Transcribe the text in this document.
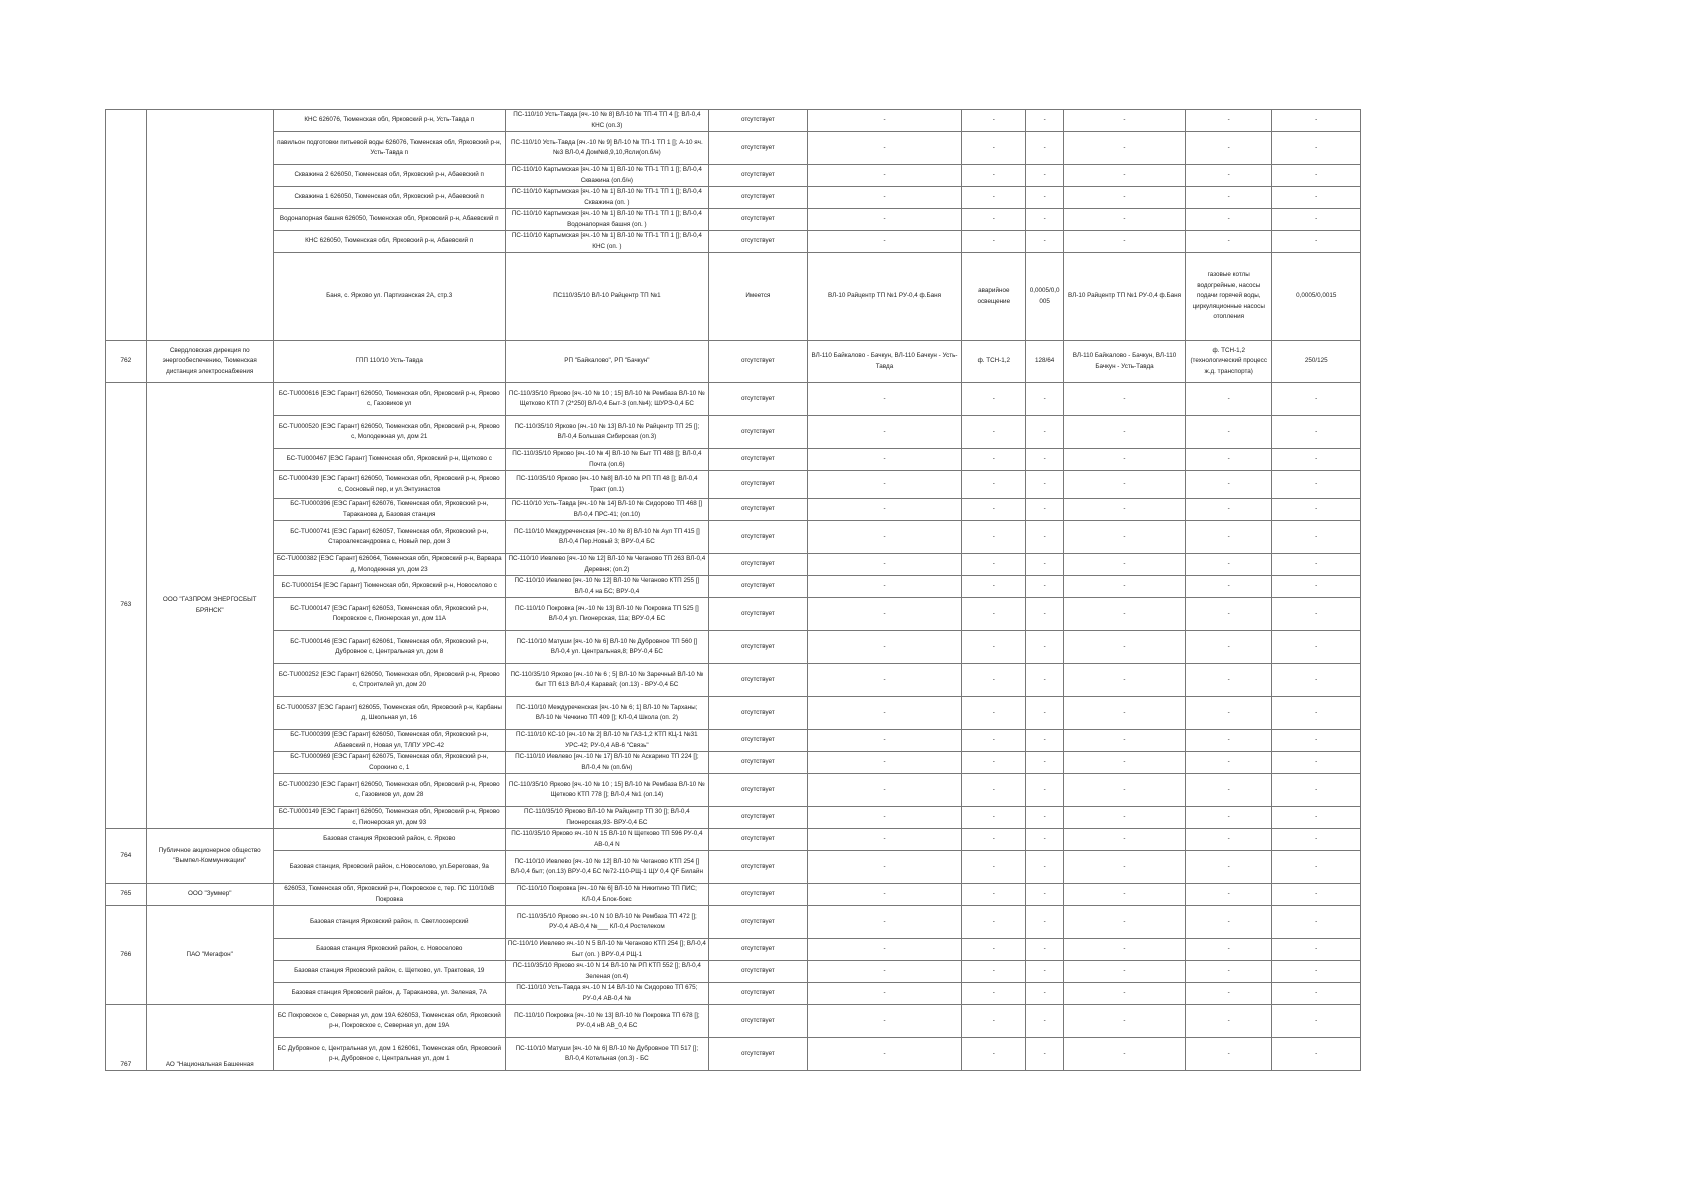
		КНС 626076, Тюменская обл, Ярковский р-н, Усть-Тавда п	ПС-110/10 Усть-Тавда [яч.-10 № 8] ВЛ-10 № ТП-4 ТП 4 []; ВЛ-0,4 КНС (оп.3)	отсутствует	-	-	-	-	-	-
		павильон подготовки питьевой воды 626076, Тюменская обл, Ярковский р-н, Усть-Тавда п	ПС-110/10 Усть-Тавда [яч.-10 № 9] ВЛ-10 № ТП-1 ТП 1 []; А-10 яч.№3 ВЛ-0,4 Дом№8,9,10,Ясли(оп.б/н)	отсутствует	-	-	-	-	-	-
		Скважина 2 626050, Тюменская обл, Ярковский р-н, Абаевский п	ПС-110/10 Картымская [яч.-10 № 1] ВЛ-10 № ТП-1 ТП 1 []; ВЛ-0,4 Скважина (оп.б/н)	отсутствует	-	-	-	-	-	-
		Скважина 1 626050, Тюменская обл, Ярковский р-н, Абаевский п	ПС-110/10 Картымская [яч.-10 № 1] ВЛ-10 № ТП-1 ТП 1 []; ВЛ-0,4 Скважина (оп. )	отсутствует	-	-	-	-	-	-
		Водонапорная башня 626050, Тюменская обл, Ярковский р-н, Абаевский п	ПС-110/10 Картымская [яч.-10 № 1] ВЛ-10 № ТП-1 ТП 1 []; ВЛ-0,4 Водонапорная башня (оп. )	отсутствует	-	-	-	-	-	-
		КНС 626050, Тюменская обл, Ярковский р-н, Абаевский п	ПС-110/10 Картымская [яч.-10 № 1] ВЛ-10 № ТП-1 ТП 1 []; ВЛ-0,4 КНС (оп. )	отсутствует	-	-	-	-	-	-
		Баня, с. Ярково ул. Партизанская 2А, стр.3	ПС110/35/10 ВЛ-10 Райцентр ТП №1	Имеется	ВЛ-10 Райцентр ТП №1 РУ-0,4 ф.Баня	аварийное освещение	0,0005/0,0005	ВЛ-10 Райцентр ТП №1 РУ-0,4 ф.Баня	газовые котлы водогрейные, насосы подачи горячей воды, циркуляционные насосы отопления	0,0005/0,0015
762	Свердловская дирекция по энергообеспечению, Тюменская дистанция электроснабжения	ГПП 110/10 Усть-Тавда	РП "Байкалово", РП "Бачкун"	отсутствует	ВЛ-110 Байкалово - Бачкун, ВЛ-110 Бачкун - Усть-Тавда	ф. ТСН-1,2	128/64	ВЛ-110 Байкалово - Бачкун, ВЛ-110 Бачкун - Усть-Тавда	ф. ТСН-1,2 (технологический процесс ж.д. транспорта)	250/125
763	ООО "ГАЗПРОМ ЭНЕРГОСБЫТ БРЯНСК"	БС-TU000616 [ЕЭС Гарант] 626050, Тюменская обл, Ярковский р-н, Ярково с, Газовиков ул	ПС-110/35/10 Ярково [яч.-10 № 10 ; 15] ВЛ-10 № Рембаза ВЛ-10 № Щетково КТП 7 (2*250] ВЛ-0,4 Быт-3 (оп.№4); ШУРЭ-0,4 БС	отсутствует	-	-	-	-	-	-
		БС-TU000520 [ЕЭС Гарант] 626050, Тюменская обл, Ярковский р-н, Ярково с, Молодежная ул, дом 21	ПС-110/35/10 Ярково [яч.-10 № 13] ВЛ-10 № Райцентр ТП 25 []; ВЛ-0,4 Большая Сибирская (оп.3)	отсутствует	-	-	-	-	-	-
		БС-TU000467 [ЕЭС Гарант] Тюменская обл, Ярковский р-н, Щетково с	ПС-110/35/10 Ярково [яч.-10 № 4] ВЛ-10 № Быт ТП 488 []; ВЛ-0,4 Почта (оп.6)	отсутствует	-	-	-	-	-	-
		БС-TU000439 [ЕЭС Гарант] 626050, Тюменская обл, Ярковский р-н, Ярково с, Сосновый пер, и ул.Энтузиастов	ПС-110/35/10 Ярково [яч.-10 №8] ВЛ-10 № РП ТП 48 []; ВЛ-0,4 Тракт (оп.1)	отсутствует	-	-	-	-	-	-
		БС-TU000396 [ЕЭС Гарант] 626076, Тюменская обл, Ярковский р-н, Тараканова д, Базовая станция	ПС-110/10 Усть-Тавда [яч.-10 № 14] ВЛ-10 № Сидорово ТП 468 [] ВЛ-0,4 ПРС-41; (оп.10)	отсутствует	-	-	-	-	-	-
		БС-TU000741 [ЕЭС Гарант] 626057, Тюменская обл, Ярковский р-н, Староалександровка с, Новый пер, дом 3	ПС-110/10 Междуреченская [яч.-10 № 8] ВЛ-10 № Аул ТП 415 [] ВЛ-0,4 Пер.Новый 3; ВРУ-0,4 БС	отсутствует	-	-	-	-	-	-
		БС-TU000382 [ЕЭС Гарант] 626064, Тюменская обл, Ярковский р-н, Варвара д, Молодежная ул, дом 23	ПС-110/10 Иевлево [яч.-10 № 12] ВЛ-10 № Чеганово ТП 263 ВЛ-0,4 Деревня; (оп.2)	отсутствует	-	-	-	-	-	-
		БС-TU000154 [ЕЭС Гарант] Тюменская обл, Ярковский р-н, Новоселово с	ПС-110/10 Иевлево [яч.-10 № 12] ВЛ-10 № Чеганово КТП 255 [] ВЛ-0,4 на БС; ВРУ-0,4	отсутствует	-	-	-	-	-	-
		БС-TU000147 [ЕЭС Гарант] 626053, Тюменская обл, Ярковский р-н, Покровское с, Пионерская ул, дом 11А	ПС-110/10 Покровка [яч.-10 № 13] ВЛ-10 № Покровка ТП 525 [] ВЛ-0,4 ул. Пионерская, 11а; ВРУ-0,4 БС	отсутствует	-	-	-	-	-	-
		БС-TU000146 [ЕЭС Гарант] 626061, Тюменская обл, Ярковский р-н, Дубровное с, Центральная ул, дом 8	ПС-110/10 Матуши [яч.-10 № 6] ВЛ-10 № Дубровное ТП 560 [] ВЛ-0,4 ул. Центральная,8; ВРУ-0,4 БС	отсутствует	-	-	-	-	-	-
		БС-TU000252 [ЕЭС Гарант] 626050, Тюменская обл, Ярковский р-н, Ярково с, Строителей ул, дом 20	ПС-110/35/10 Ярково [яч.-10 № 6 ; 5] ВЛ-10 № Заречный ВЛ-10 № быт ТП 613 ВЛ-0,4 Каравай; (оп.13) - ВРУ-0,4 БС	отсутствует	-	-	-	-	-	-
		БС-TU000537 [ЕЭС Гарант] 626055, Тюменская обл, Ярковский р-н, Карбаны д, Школьная ул, 16	ПС-110/10 Междуреченская [яч.-10 № 6; 1] ВЛ-10 № Тарханы; ВЛ-10 № Чечкино ТП 409 []; КЛ-0,4 Школа (оп. 2)	отсутствует	-	-	-	-	-	-
		БС-TU000399 [ЕЭС Гарант] 626050, Тюменская обл, Ярковский р-н, Абаевский п, Новая ул, ТЛПУ УРС-42	ПС-110/10 КС-10 [яч.-10 № 2] ВЛ-10 № ГАЗ-1,2 КТП КЦ-1 №31 УРС-42; РУ-0,4 АВ-6 "Связь"	отсутствует	-	-	-	-	-	-
		БС-TU000969 [ЕЭС Гарант] 626075, Тюменская обл, Ярковский р-н, Сорокино с, 1	ПС-110/10 Иевлево [яч.-10 № 17] ВЛ-10 № Аскарино ТП 224 []; ВЛ-0,4 № (оп.б/н)	отсутствует	-	-	-	-	-	-
		БС-TU000230 [ЕЭС Гарант] 626050, Тюменская обл, Ярковский р-н, Ярково с, Газовиков ул, дом 28	ПС-110/35/10 Ярково [яч.-10 № 10 ; 15] ВЛ-10 № Рембаза ВЛ-10 № Щетково КТП 778 []; ВЛ-0,4 №1 (оп.14)	отсутствует	-	-	-	-	-	-
		БС-TU000149 [ЕЭС Гарант] 626050, Тюменская обл, Ярковский р-н, Ярково с, Пионерская ул, дом 93	ПС-110/35/10 Ярково ВЛ-10 № Райцентр ТП 30 []; ВЛ-0,4 Пионерская,93- ВРУ-0,4 БС	отсутствует	-	-	-	-	-	-
764	Публичное акционерное общество "Вымпел-Коммуникации"	Базовая станция Ярковский район, с. Ярково	ПС-110/35/10 Ярково яч.-10 N 15 ВЛ-10 N Щетково ТП 596 РУ-0,4 АВ-0,4 N	отсутствует	-	-	-	-	-	-
		Базовая станция, Ярковский район, с.Новоселово, ул.Береговая, 9а	ПС-110/10 Иевлево [яч.-10 № 12] ВЛ-10 № Чеганово КТП 254 [] ВЛ-0,4 быт; (оп.13) ВРУ-0,4 БС №72-110-РЩ-1 ЩУ 0,4 QF Билайн	отсутствует	-	-	-	-	-	-
765	ООО "Зуммер"	626053, Тюменская обл, Ярковский р-н, Покровское с, тер. ПС 110/10кВ Покровка	ПС-110/10 Покровка [яч.-10 № 6] ВЛ-10 № Никитино ТП ПИС; КЛ-0,4 Блок-бокс	отсутствует	-	-	-	-	-	-
766	ПАО "Мегафон"	Базовая станция Ярковский район, п. Светлоозерский	ПС-110/35/10 Ярково яч.-10 N 10 ВЛ-10 № Рембаза ТП 472 []; РУ-0,4 АВ-0,4 №___ КЛ-0,4 Ростелеком	отсутствует	-	-	-	-	-	-
		Базовая станция Ярковский район, с. Новоселово	ПС-110/10 Иевлево яч.-10 N 5 ВЛ-10 № Чеганово КТП 254 []; ВЛ-0,4 Быт (оп. ) ВРУ-0,4 РЩ-1	отсутствует	-	-	-	-	-	-
		Базовая станция Ярковский район, с. Щетково, ул. Трактовая, 19	ПС-110/35/10 Ярково яч.-10 N 14 ВЛ-10 № РП КТП 552 []; ВЛ-0,4 Зеленая (оп.4)	отсутствует	-	-	-	-	-	-
		Базовая станция Ярковский район, д. Тараканова, ул. Зеленая, 7А	ПС-110/10 Усть-Тавда яч.-10 N 14 ВЛ-10 № Сидорово ТП 675; РУ-0,4 АВ-0,4 №	отсутствует	-	-	-	-	-	-
767	АО "Национальная Башенная	БС Покровское с, Северная ул, дом 19А 626053, Тюменская обл, Ярковский р-н, Покровское с, Северная ул, дом 19А	ПС-110/10 Покровка [яч.-10 № 13] ВЛ-10 № Покровка ТП 678 []; РУ-0,4 нВ АВ_0,4 БС	отсутствует	-	-	-	-	-	-
		БС Дубровное с, Центральная ул, дом 1 626061, Тюменская обл, Ярковский р-н, Дубровное с, Центральная ул, дом 1	ПС-110/10 Матуши [яч.-10 № 6] ВЛ-10 № Дубровное ТП 517 []; ВЛ-0,4 Котельная (оп.3) - БС	отсутствует	-	-	-	-	-	-
